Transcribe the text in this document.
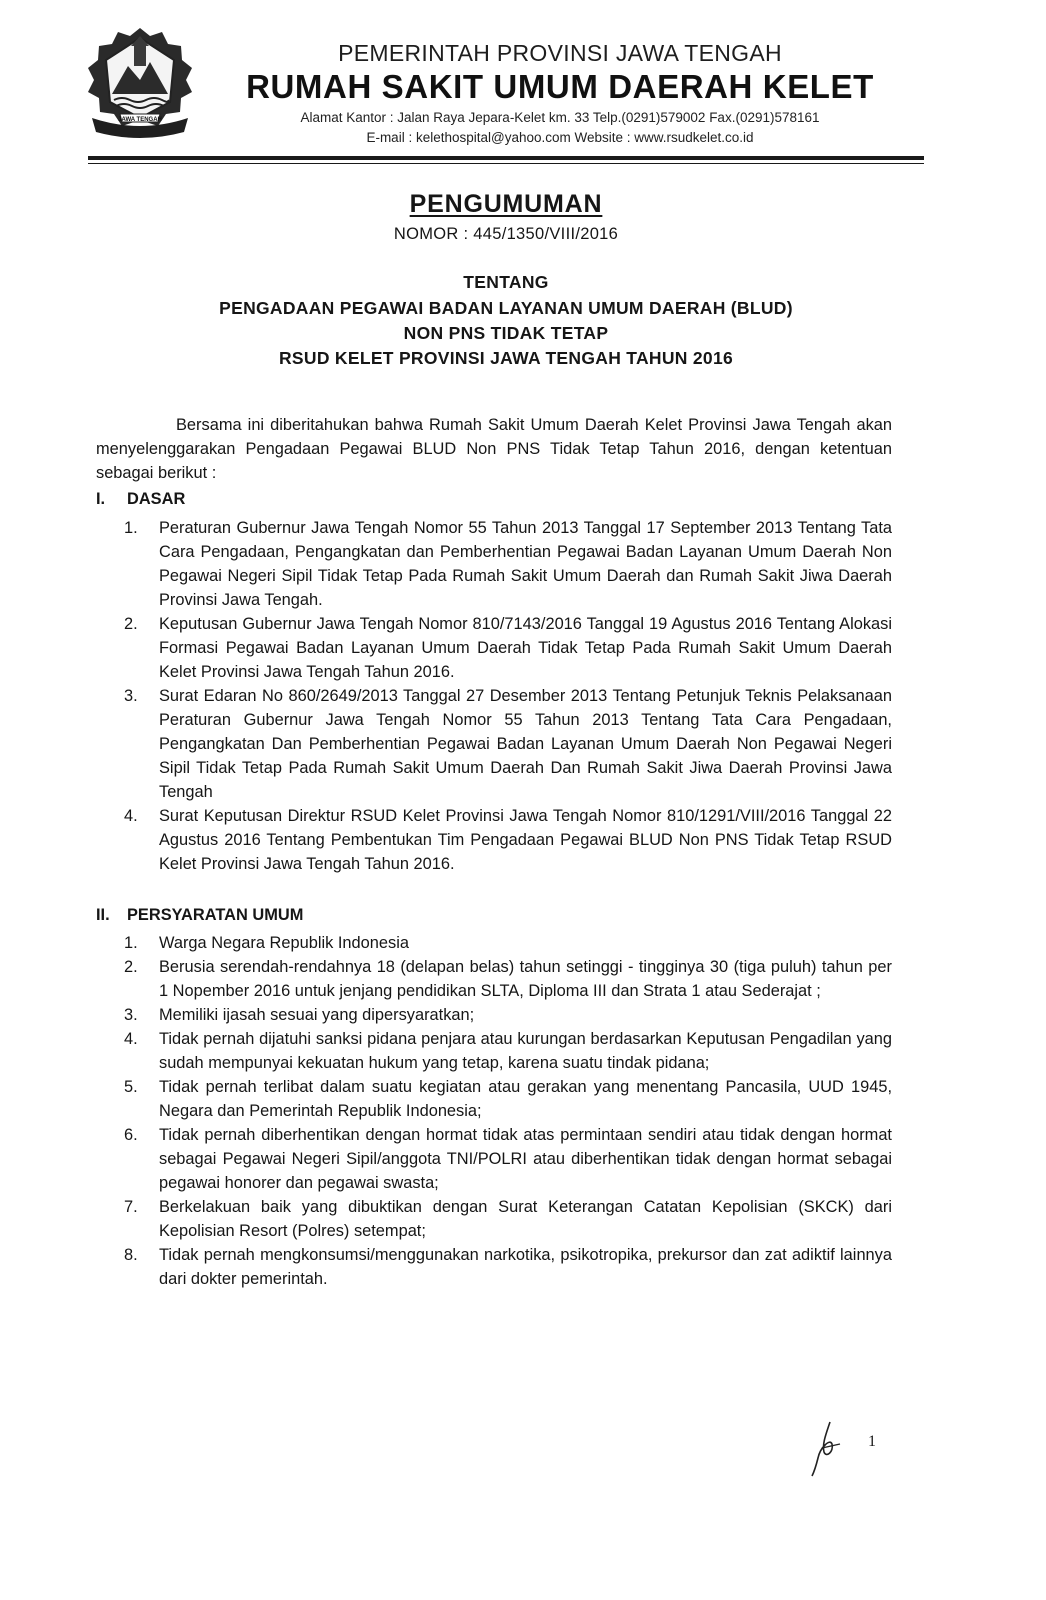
JAWA TENGAH
PEMERINTAH PROVINSI JAWA TENGAH
RUMAH SAKIT UMUM DAERAH KELET
Alamat Kantor : Jalan Raya Jepara-Kelet km. 33 Telp.(0291)579002 Fax.(0291)578161
E-mail : kelethospital@yahoo.com Website : www.rsudkelet.co.id
PENGUMUMAN
NOMOR : 445/1350/VIII/2016
TENTANG
PENGADAAN PEGAWAI BADAN LAYANAN UMUM DAERAH (BLUD)
NON PNS TIDAK TETAP
RSUD KELET PROVINSI JAWA TENGAH TAHUN 2016

Bersama ini diberitahukan bahwa Rumah Sakit Umum Daerah Kelet Provinsi Jawa Tengah akan menyelenggarakan Pengadaan Pegawai BLUD Non PNS Tidak Tetap Tahun 2016, dengan ketentuan sebagai berikut :

I. DASAR

1. Peraturan Gubernur Jawa Tengah Nomor 55 Tahun 2013 Tanggal 17 September 2013 Tentang Tata Cara Pengadaan, Pengangkatan dan Pemberhentian Pegawai Badan Layanan Umum Daerah Non Pegawai Negeri Sipil Tidak Tetap Pada Rumah Sakit Umum Daerah dan Rumah Sakit Jiwa Daerah Provinsi Jawa Tengah.

2. Keputusan Gubernur Jawa Tengah Nomor 810/7143/2016 Tanggal 19 Agustus 2016 Tentang Alokasi Formasi Pegawai Badan Layanan Umum Daerah Tidak Tetap Pada Rumah Sakit Umum Daerah Kelet Provinsi Jawa Tengah Tahun 2016.

3. Surat Edaran No 860/2649/2013 Tanggal 27 Desember 2013 Tentang Petunjuk Teknis Pelaksanaan Peraturan Gubernur Jawa Tengah Nomor 55 Tahun 2013 Tentang Tata Cara Pengadaan, Pengangkatan Dan Pemberhentian Pegawai Badan Layanan Umum Daerah Non Pegawai Negeri Sipil Tidak Tetap Pada Rumah Sakit Umum Daerah Dan Rumah Sakit Jiwa Daerah Provinsi Jawa Tengah

4. Surat Keputusan Direktur RSUD Kelet Provinsi Jawa Tengah Nomor 810/1291/VIII/2016 Tanggal 22 Agustus 2016 Tentang Pembentukan Tim Pengadaan Pegawai BLUD Non PNS Tidak Tetap RSUD Kelet Provinsi Jawa Tengah Tahun 2016.

II. PERSYARATAN UMUM

1. Warga Negara Republik Indonesia

2. Berusia serendah-rendahnya 18 (delapan belas) tahun setinggi - tingginya 30 (tiga puluh) tahun per 1 Nopember 2016 untuk jenjang pendidikan SLTA, Diploma III dan Strata 1 atau Sederajat ;

3. Memiliki ijasah sesuai yang dipersyaratkan;

4. Tidak pernah dijatuhi sanksi pidana penjara atau kurungan berdasarkan Keputusan Pengadilan yang sudah mempunyai kekuatan hukum yang tetap, karena suatu tindak pidana;

5. Tidak pernah terlibat dalam suatu kegiatan atau gerakan yang menentang Pancasila, UUD 1945, Negara dan Pemerintah Republik Indonesia;

6. Tidak pernah diberhentikan dengan hormat tidak atas permintaan sendiri atau tidak dengan hormat sebagai Pegawai Negeri Sipil/anggota TNI/POLRI atau diberhentikan tidak dengan hormat sebagai pegawai honorer dan pegawai swasta;

7. Berkelakuan baik yang dibuktikan dengan Surat Keterangan Catatan Kepolisian (SKCK) dari Kepolisian Resort (Polres) setempat;

8. Tidak pernah mengkonsumsi/menggunakan narkotika, psikotropika, prekursor dan zat adiktif lainnya dari dokter pemerintah.

1
